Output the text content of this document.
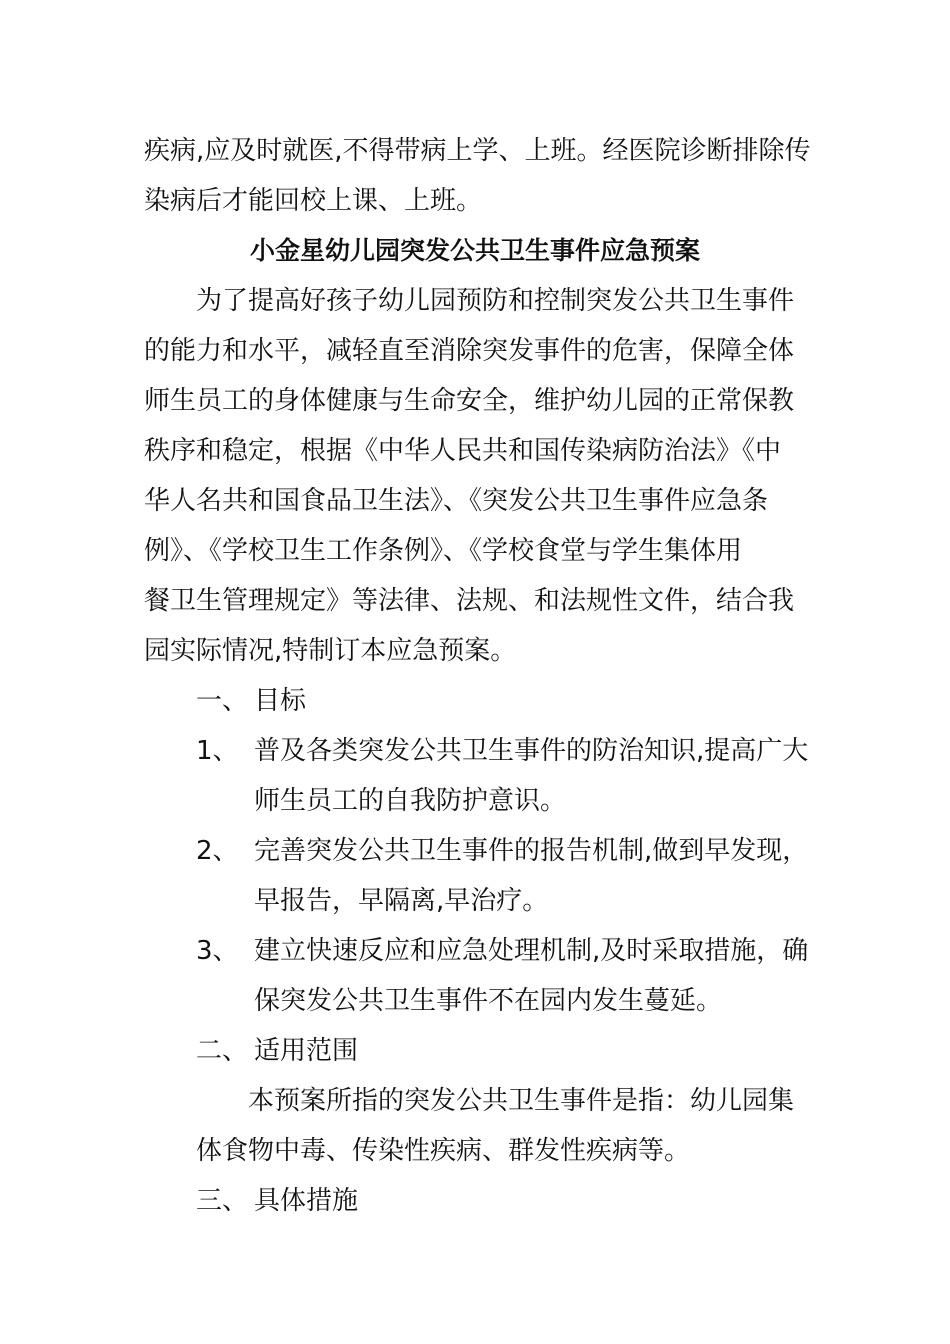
疾病,应及时就医,不得带病上学、上班。经医院诊断排除传
染病后才能回校上课、上班。
小金星幼儿园突发公共卫生事件应急预案
为了提高好孩子幼儿园预防和控制突发公共卫生事件
的能力和水平，减轻直至消除突发事件的危害，保障全体
师生员工的身体健康与生命安全，维护幼儿园的正常保教
秩序和稳定，根据《中华人民共和国传染病防治法》《中
华人名共和国食品卫生法》、《突发公共卫生事件应急条
例》、《学校卫生工作条例》、《学校食堂与学生集体用
餐卫生管理规定》等法律、法规、和法规性文件，结合我
园实际情况,特制订本应急预案。
一、 目标
1、 普及各类突发公共卫生事件的防治知识,提高广大
师生员工的自我防护意识。
2、 完善突发公共卫生事件的报告机制,做到早发现，
早报告，早隔离,早治疗。
3、 建立快速反应和应急处理机制,及时采取措施，确
保突发公共卫生事件不在园内发生蔓延。
二、 适用范围
本预案所指的突发公共卫生事件是指：幼儿园集
体食物中毒、传染性疾病、群发性疾病等。
三、 具体措施
